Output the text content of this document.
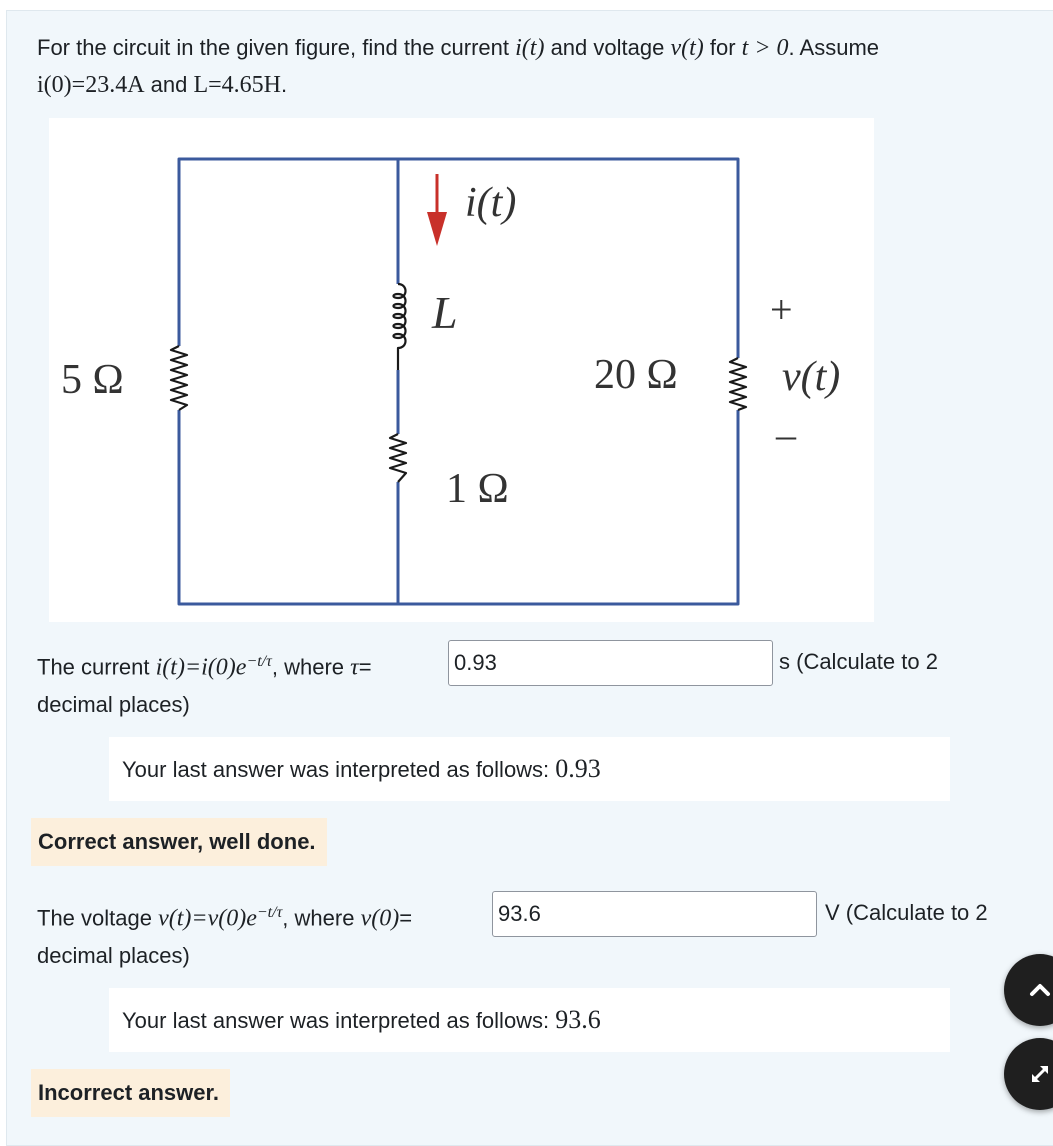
For the circuit in the given figure, find the current i(t) and voltage v(t) for t > 0. Assume
i(0)=23.4A and L=4.65H.
5 Ω
i(t)
L
20 Ω
+
v(t)
–
1 Ω
The current $i(t)=i(0)e^{-t/\tau}$, where τ=
0.93	s (Calculate to 2
decimal places)
Your last answer was interpreted as follows: 0.93
Correct answer, well done.
The voltage $v(t)=v(0)e^{-t/\tau}$, where v(0)=
93.6	V (Calculate to 2
decimal places)
Your last answer was interpreted as follows: 93.6
Incorrect answer.
